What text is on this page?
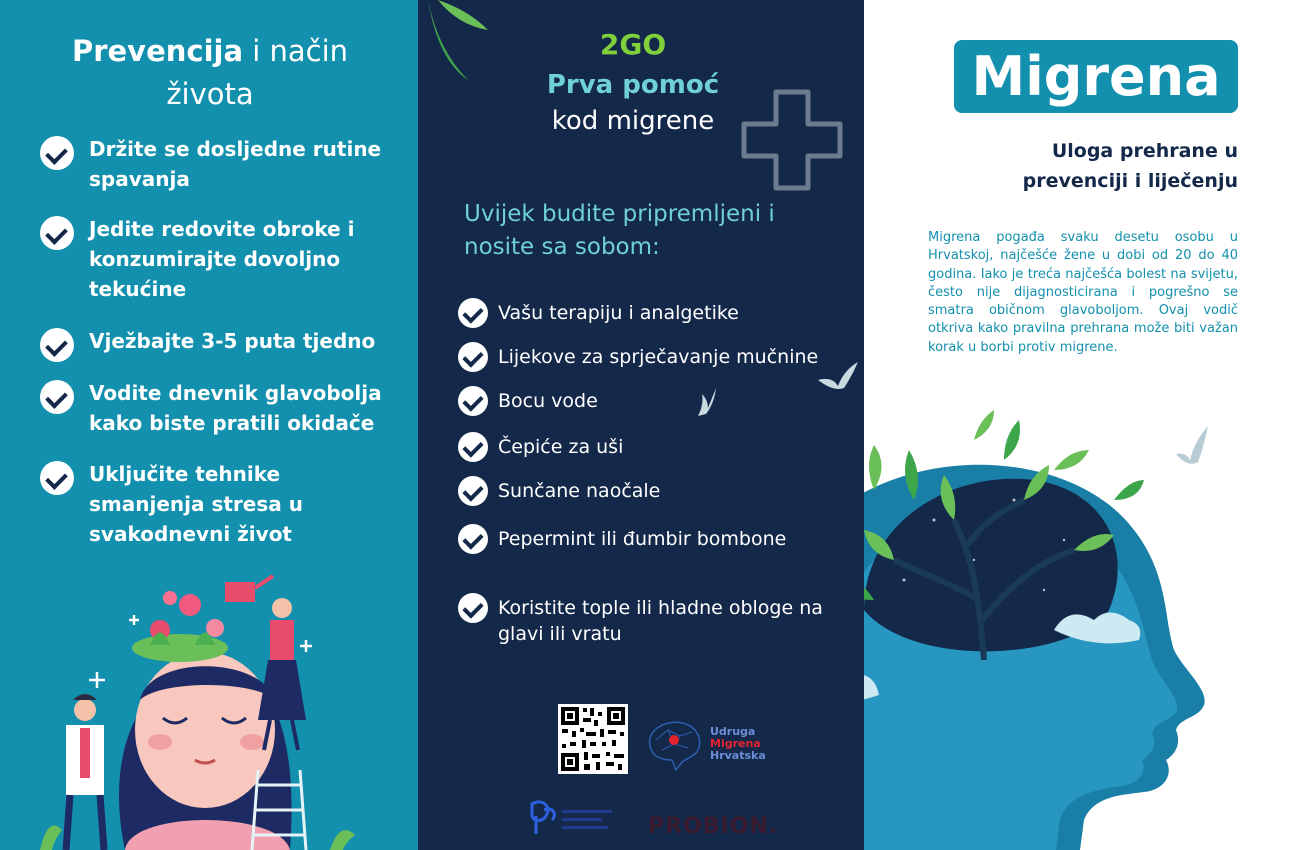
Prevencija i način
života
Držite se dosljedne rutine spavanja
Jedite redovite obroke i konzumirajte dovoljno tekućine
Vježbajte 3-5 puta tjedno
Vodite dnevnik glavobolja kako biste pratili okidače
Uključite tehnike smanjenja stresa u svakodnevni život
2GO
Prva pomoć
kod migrene
Uvijek budite pripremljeni i nosite sa sobom:
Vašu terapiju i analgetike
Lijekove za sprječavanje mučnine
Bocu vode
Čepiće za uši
Sunčane naočale
Pepermint ili đumbir bombone
Koristite tople ili hladne obloge na glavi ili vratu
Udruga
Migrena
Hrvatska
PROBION.
Migrena
Uloga prehrane u
prevenciji i liječenju
Migrena pogađa svaku desetu osobu u Hrvatskoj, najčešće žene u dobi od 20 do 40 godina. Iako je treća najčešća bolest na svijetu, često nije dijagnosticirana i pogrešno se smatra običnom glavoboljom. Ovaj vodič otkriva kako pravilna prehrana može biti važan korak u borbi protiv migrene.
